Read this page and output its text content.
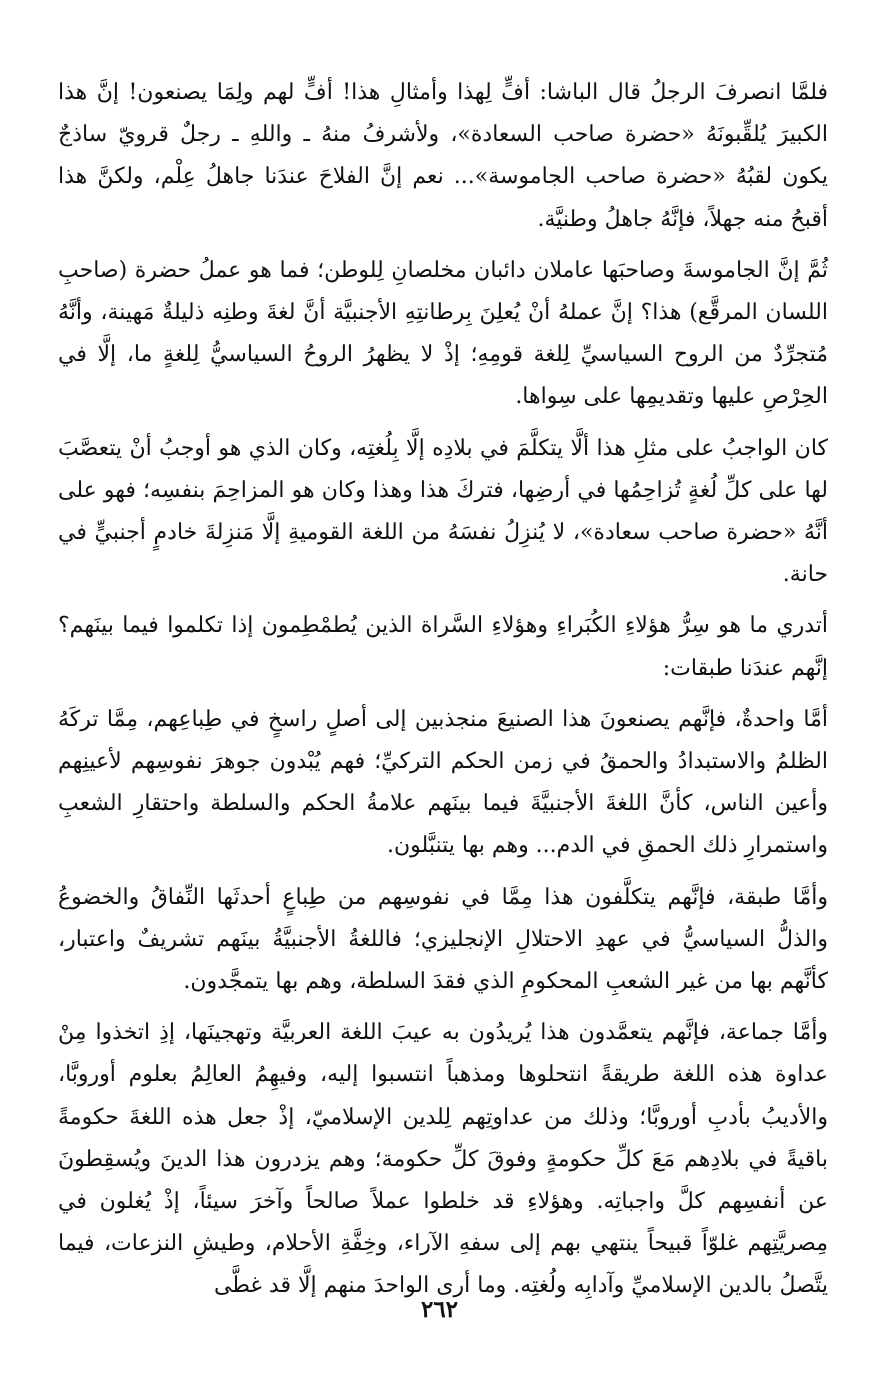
فلمَّا انصرفَ الرجلُ قال الباشا: أفٍّ لِهذا وأمثالِ هذا! أفٍّ لهم ولِمَا يصنعون! إنَّ هذا الكبيرَ يُلقِّبونَهُ «حضرة صاحب السعادة»، ولأشرفُ منهُ ـ واللهِ ـ رجلٌ قرويّ ساذجٌ يكون لقبُهُ «حضرة صاحب الجاموسة»... نعم إنَّ الفلاحَ عندَنا جاهلُ عِلْم، ولكنَّ هذا أقبحُ منه جهلاً، فإنَّهُ جاهلُ وطنيَّة.

ثُمَّ إنَّ الجاموسةَ وصاحبَها عاملان دائبان مخلصانِ لِلوطن؛ فما هو عملُ حضرة (صاحبِ اللسان المرقَّع) هذا؟ إنَّ عملهُ أنْ يُعلِنَ بِرطانتِهِ الأجنبيَّة أنَّ لغةَ وطنِه ذليلةٌ مَهينة، وأنَّهُ مُتجرِّدٌ من الروح السياسيِّ لِلغة قومِهِ؛ إذْ لا يظهرُ الروحُ السياسيُّ لِلغةٍ ما، إلَّا في الحِرْصِ عليها وتقديمِها على سِواها.

كان الواجبُ على مثلِ هذا ألَّا يتكلَّمَ في بلادِه إلَّا بِلُغتِه، وكان الذي هو أوجبُ أنْ يتعصَّبَ لها على كلِّ لُغةٍ تُزاحِمُها في أرضِها، فتركَ هذا وهذا وكان هو المزاحِمَ بنفسِه؛ فهو على أنَّهُ «حضرة صاحب سعادة»، لا يُنزِلُ نفسَهُ من اللغة القوميةِ إلَّا مَنزِلةَ خادمٍ أجنبيٍّ في حانة.

أتدري ما هو سِرُّ هؤلاءِ الكُبَراءِ وهؤلاءِ السَّراة الذين يُطمْطِمون إذا تكلموا فيما بينَهم؟ إنَّهم عندَنا طبقات:

أمَّا واحدةٌ، فإنَّهم يصنعونَ هذا الصنيعَ منجذبين إلى أصلٍ راسخٍ في طِباعِهم، مِمَّا تركَهُ الظلمُ والاستبدادُ والحمقُ في زمن الحكم التركيِّ؛ فهم يُبْدون جوهرَ نفوسِهم لأعينِهم وأعين الناس، كأنَّ اللغةَ الأجنبيَّةَ فيما بينَهم علامةُ الحكم والسلطة واحتقارِ الشعبِ واستمرارِ ذلك الحمقِ في الدم... وهم بها يتنبَّلون.

وأمَّا طبقة، فإنَّهم يتكلَّفون هذا مِمَّا في نفوسِهم من طِباعٍ أحدثَها النِّفاقُ والخضوعُ والذلُّ السياسيُّ في عهدِ الاحتلالِ الإنجليزي؛ فاللغةُ الأجنبيَّةُ بينَهم تشريفٌ واعتبار، كأنَّهم بها من غير الشعبِ المحكومِ الذي فقدَ السلطة، وهم بها يتمجَّدون.

وأمَّا جماعة، فإنَّهم يتعمَّدون هذا يُريدُون به عيبَ اللغة العربيَّة وتهجينَها، إذِ اتخذوا مِنْ عداوة هذه اللغة طريقةً انتحلوها ومذهباً انتسبوا إليه، وفيهِمُ العالِمُ بعلوم أوروبَّا، والأديبُ بأدبِ أوروبَّا؛ وذلك من عداوتِهم لِلدين الإسلاميّ، إذْ جعل هذه اللغةَ حكومةً باقيةً في بلادِهم مَعَ كلِّ حكومةٍ وفوقَ كلِّ حكومة؛ وهم يزدرون هذا الدينَ ويُسقِطونَ عن أنفسِهم كلَّ واجباتِه. وهؤلاءِ قد خلطوا عملاً صالحاً وآخرَ سيئاً، إذْ يُغلون في مِصريَّتِهم غلوّاً قبيحاً ينتهي بهم إلى سفهِ الآراء، وخِفَّةِ الأحلام، وطيشِ النزعات، فيما يتَّصلُ بالدين الإسلاميِّ وآدابِه ولُغتِه. وما أرى الواحدَ منهم إلَّا قد غطَّى

٢٦٢
